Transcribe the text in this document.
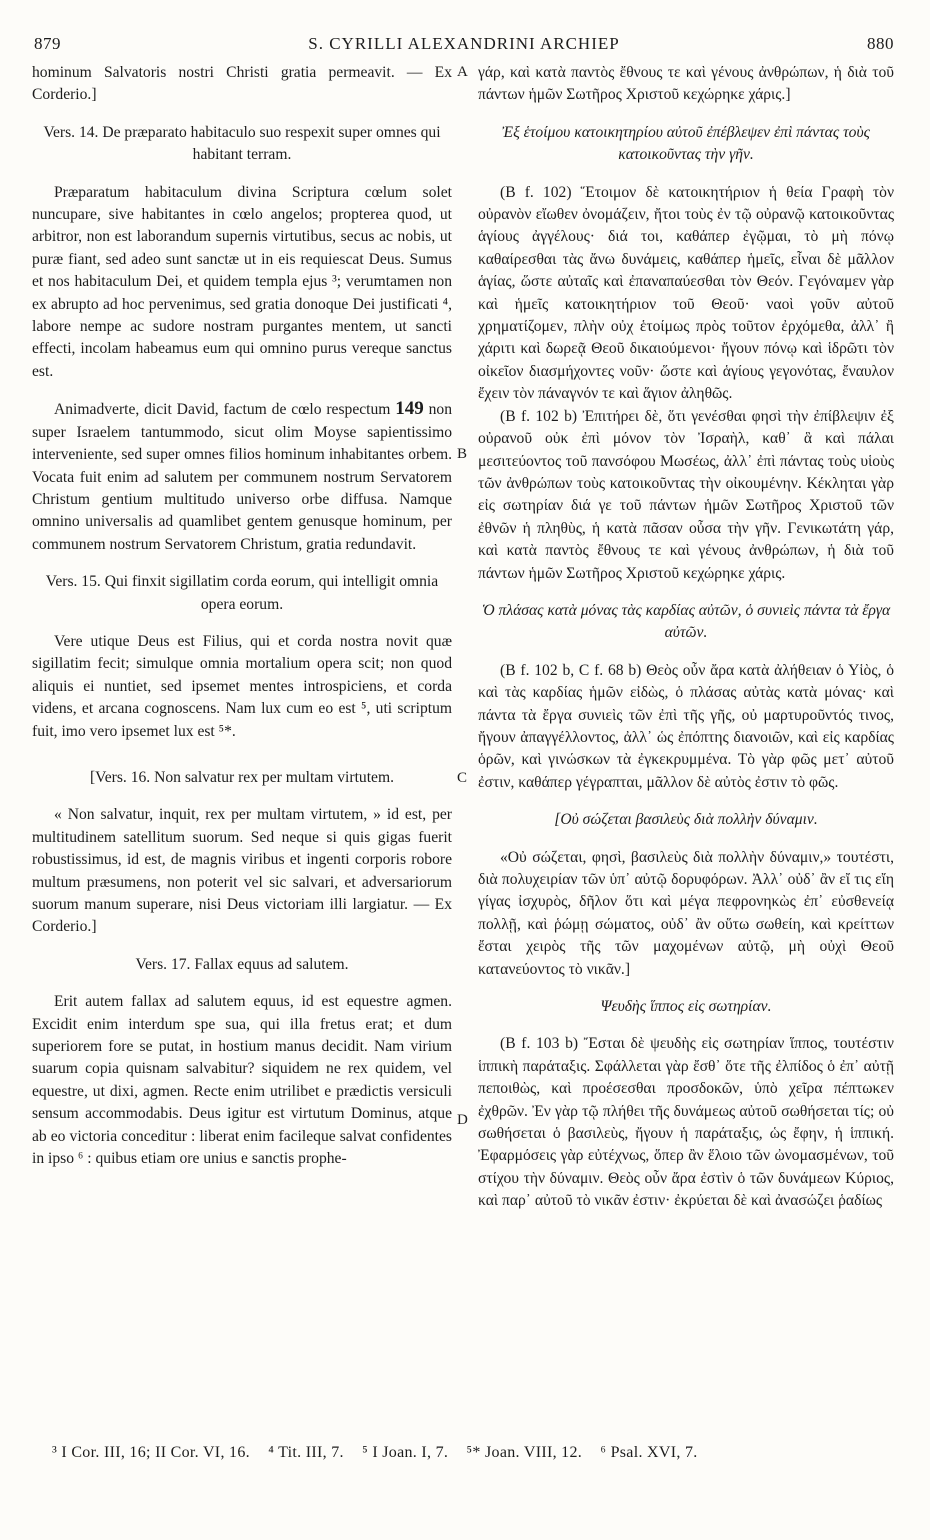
879	S. CYRILLI ALEXANDRINI ARCHIEP	880
A
B
C
D

hominum Salvatoris nostri Christi gratia permeavit. — Ex Corderio.]

Vers. 14. De præparato habitaculo suo respexit super omnes qui habitant terram.

Præparatum habitaculum divina Scriptura cœlum solet nuncupare, sive habitantes in cœlo angelos; propterea quod, ut arbitror, non est laborandum supernis virtutibus, secus ac nobis, ut puræ fiant, sed adeo sunt sanctæ ut in eis requiescat Deus. Sumus et nos habitaculum Dei, et quidem templa ejus ³; verumtamen non ex abrupto ad hoc pervenimus, sed gratia donoque Dei justificati ⁴, labore nempe ac sudore nostram purgantes mentem, ut sancti effecti, incolam habeamus eum qui omnino purus vereque sanctus est.

Animadverte, dicit David, factum de cœlo respectum 149 non super Israelem tantummodo, sicut olim Moyse sapientissimo interveniente, sed super omnes filios hominum inhabitantes orbem. Vocata fuit enim ad salutem per communem nostrum Servatorem Christum gentium multitudo universo orbe diffusa. Namque omnino universalis ad quamlibet gentem genusque hominum, per communem nostrum Servatorem Christum, gratia redundavit.

Vers. 15. Qui finxit sigillatim corda eorum, qui intelligit omnia opera eorum.

Vere utique Deus est Filius, qui et corda nostra novit quæ sigillatim fecit; simulque omnia mortalium opera scit; non quod aliquis ei nuntiet, sed ipsemet mentes introspiciens, et corda videns, et arcana cognoscens. Nam lux cum eo est ⁵, uti scriptum fuit, imo vero ipsemet lux est ⁵*.

[Vers. 16. Non salvatur rex per multam virtutem.

« Non salvatur, inquit, rex per multam virtutem, » id est, per multitudinem satellitum suorum. Sed neque si quis gigas fuerit robustissimus, id est, de magnis viribus et ingenti corporis robore multum præsumens, non poterit vel sic salvari, et adversariorum suorum manum superare, nisi Deus victoriam illi largiatur. — Ex Corderio.]

Vers. 17. Fallax equus ad salutem.

Erit autem fallax ad salutem equus, id est equestre agmen. Excidit enim interdum spe sua, qui illa fretus erat; et dum superiorem fore se putat, in hostium manus decidit. Nam virium suarum copia quisnam salvabitur? siquidem ne rex quidem, vel equestre, ut dixi, agmen. Recte enim utrilibet e prædictis versiculi sensum accommodabis. Deus igitur est virtutum Dominus, atque ab eo victoria conceditur : liberat enim facileque salvat confidentes in ipso ⁶ : quibus etiam ore unius e sanctis prophe-

γάρ, καὶ κατὰ παντὸς ἔθνους τε καὶ γένους ἀνθρώπων, ἡ διὰ τοῦ πάντων ἡμῶν Σωτῆρος Χριστοῦ κεχώρηκε χάρις.]

Ἐξ ἑτοίμου κατοικητηρίου αὐτοῦ ἐπέβλεψεν ἐπὶ πάντας τοὺς κατοικοῦντας τὴν γῆν.

(B f. 102) Ἕτοιμον δὲ κατοικητήριον ἡ θεία Γραφὴ τὸν οὐρανὸν εἴωθεν ὀνομάζειν, ἤτοι τοὺς ἐν τῷ οὐρανῷ κατοικοῦντας ἁγίους ἀγγέλους· διά τοι, καθάπερ ἐγῷμαι, τὸ μὴ πόνῳ καθαίρεσθαι τὰς ἄνω δυνάμεις, καθάπερ ἡμεῖς, εἶναι δὲ μᾶλλον ἁγίας, ὥστε αὐταῖς καὶ ἐπαναπαύεσθαι τὸν Θεόν. Γεγόναμεν γὰρ καὶ ἡμεῖς κατοικητήριον τοῦ Θεοῦ· ναοὶ γοῦν αὐτοῦ χρηματίζομεν, πλὴν οὐχ ἑτοίμως πρὸς τοῦτον ἐρχόμεθα, ἀλλ᾽ ἢ χάριτι καὶ δωρεᾷ Θεοῦ δικαιούμενοι· ἤγουν πόνῳ καὶ ἱδρῶτι τὸν οἰκεῖον διασμήχοντες νοῦν· ὥστε καὶ ἁγίους γεγονότας, ἔναυλον ἔχειν τὸν πάναγνόν τε καὶ ἅγιον ἀληθῶς.

(B f. 102 b) Ἐπιτήρει δὲ, ὅτι γενέσθαι φησὶ τὴν ἐπίβλεψιν ἐξ οὐρανοῦ οὐκ ἐπὶ μόνον τὸν Ἰσραὴλ, καθ᾽ ἃ καὶ πάλαι μεσιτεύοντος τοῦ πανσόφου Μωσέως, ἀλλ᾽ ἐπὶ πάντας τοὺς υἱοὺς τῶν ἀνθρώπων τοὺς κατοικοῦντας τὴν οἰκουμένην. Κέκληται γὰρ εἰς σωτηρίαν διά γε τοῦ πάντων ἡμῶν Σωτῆρος Χριστοῦ τῶν ἐθνῶν ἡ πληθὺς, ἡ κατὰ πᾶσαν οὖσα τὴν γῆν. Γενικωτάτη γάρ, καὶ κατὰ παντὸς ἔθνους τε καὶ γένους ἀνθρώπων, ἡ διὰ τοῦ πάντων ἡμῶν Σωτῆρος Χριστοῦ κεχώρηκε χάρις.

Ὁ πλάσας κατὰ μόνας τὰς καρδίας αὐτῶν, ὁ συνιεὶς πάντα τὰ ἔργα αὐτῶν.

(B f. 102 b, C f. 68 b) Θεὸς οὖν ἄρα κατὰ ἀλήθειαν ὁ Υἱὸς, ὁ καὶ τὰς καρδίας ἡμῶν εἰδὼς, ὁ πλάσας αὐτὰς κατὰ μόνας· καὶ πάντα τὰ ἔργα συνιεὶς τῶν ἐπὶ τῆς γῆς, οὐ μαρτυροῦντός τινος, ἤγουν ἀπαγγέλλοντος, ἀλλ᾽ ὡς ἐπόπτης διανοιῶν, καὶ εἰς καρδίας ὁρῶν, καὶ γινώσκων τὰ ἐγκεκρυμμένα. Τὸ γὰρ φῶς μετ᾽ αὐτοῦ ἐστιν, καθάπερ γέγραπται, μᾶλλον δὲ αὐτὸς ἐστιν τὸ φῶς.

[Οὐ σώζεται βασιλεὺς διὰ πολλὴν δύναμιν.

«Οὐ σώζεται, φησὶ, βασιλεὺς διὰ πολλὴν δύναμιν,» τουτέστι, διὰ πολυχειρίαν τῶν ὑπ᾽ αὐτῷ δορυφόρων. Ἀλλ᾽ οὐδ᾽ ἂν εἴ τις εἴη γίγας ἰσχυρὸς, δῆλον ὅτι καὶ μέγα πεφρονηκὼς ἐπ᾽ εὐσθενείᾳ πολλῇ, καὶ ῥώμῃ σώματος, οὐδ᾽ ἂν οὕτω σωθείη, καὶ κρείττων ἔσται χειρὸς τῆς τῶν μαχομένων αὐτῷ, μὴ οὐχὶ Θεοῦ κατανεύοντος τὸ νικᾶν.]

Ψευδὴς ἵππος εἰς σωτηρίαν.

(B f. 103 b) Ἔσται δὲ ψευδὴς εἰς σωτηρίαν ἵππος, τουτέστιν ἱππικὴ παράταξις. Σφάλλεται γὰρ ἔσθ᾽ ὅτε τῆς ἐλπίδος ὁ ἐπ᾽ αὐτῇ πεποιθὼς, καὶ προέσεσθαι προσδοκῶν, ὑπὸ χεῖρα πέπτωκεν ἐχθρῶν. Ἐν γὰρ τῷ πλήθει τῆς δυνάμεως αὐτοῦ σωθήσεται τίς; οὐ σωθήσεται ὁ βασιλεὺς, ἤγουν ἡ παράταξις, ὡς ἔφην, ἡ ἱππική. Ἐφαρμόσεις γὰρ εὐτέχνως, ὅπερ ἂν ἕλοιο τῶν ὠνομασμένων, τοῦ στίχου τὴν δύναμιν. Θεὸς οὖν ἄρα ἐστὶν ὁ τῶν δυνάμεων Κύριος, καὶ παρ᾽ αὐτοῦ τὸ νικᾶν ἐστιν· ἐκρύεται δὲ καὶ ἀνασώζει ῥαδίως

³ I Cor. III, 16; II Cor. VI, 16. ⁴ Tit. III, 7. ⁵ I Joan. I, 7. ⁵* Joan. VIII, 12. ⁶ Psal. XVI, 7.
